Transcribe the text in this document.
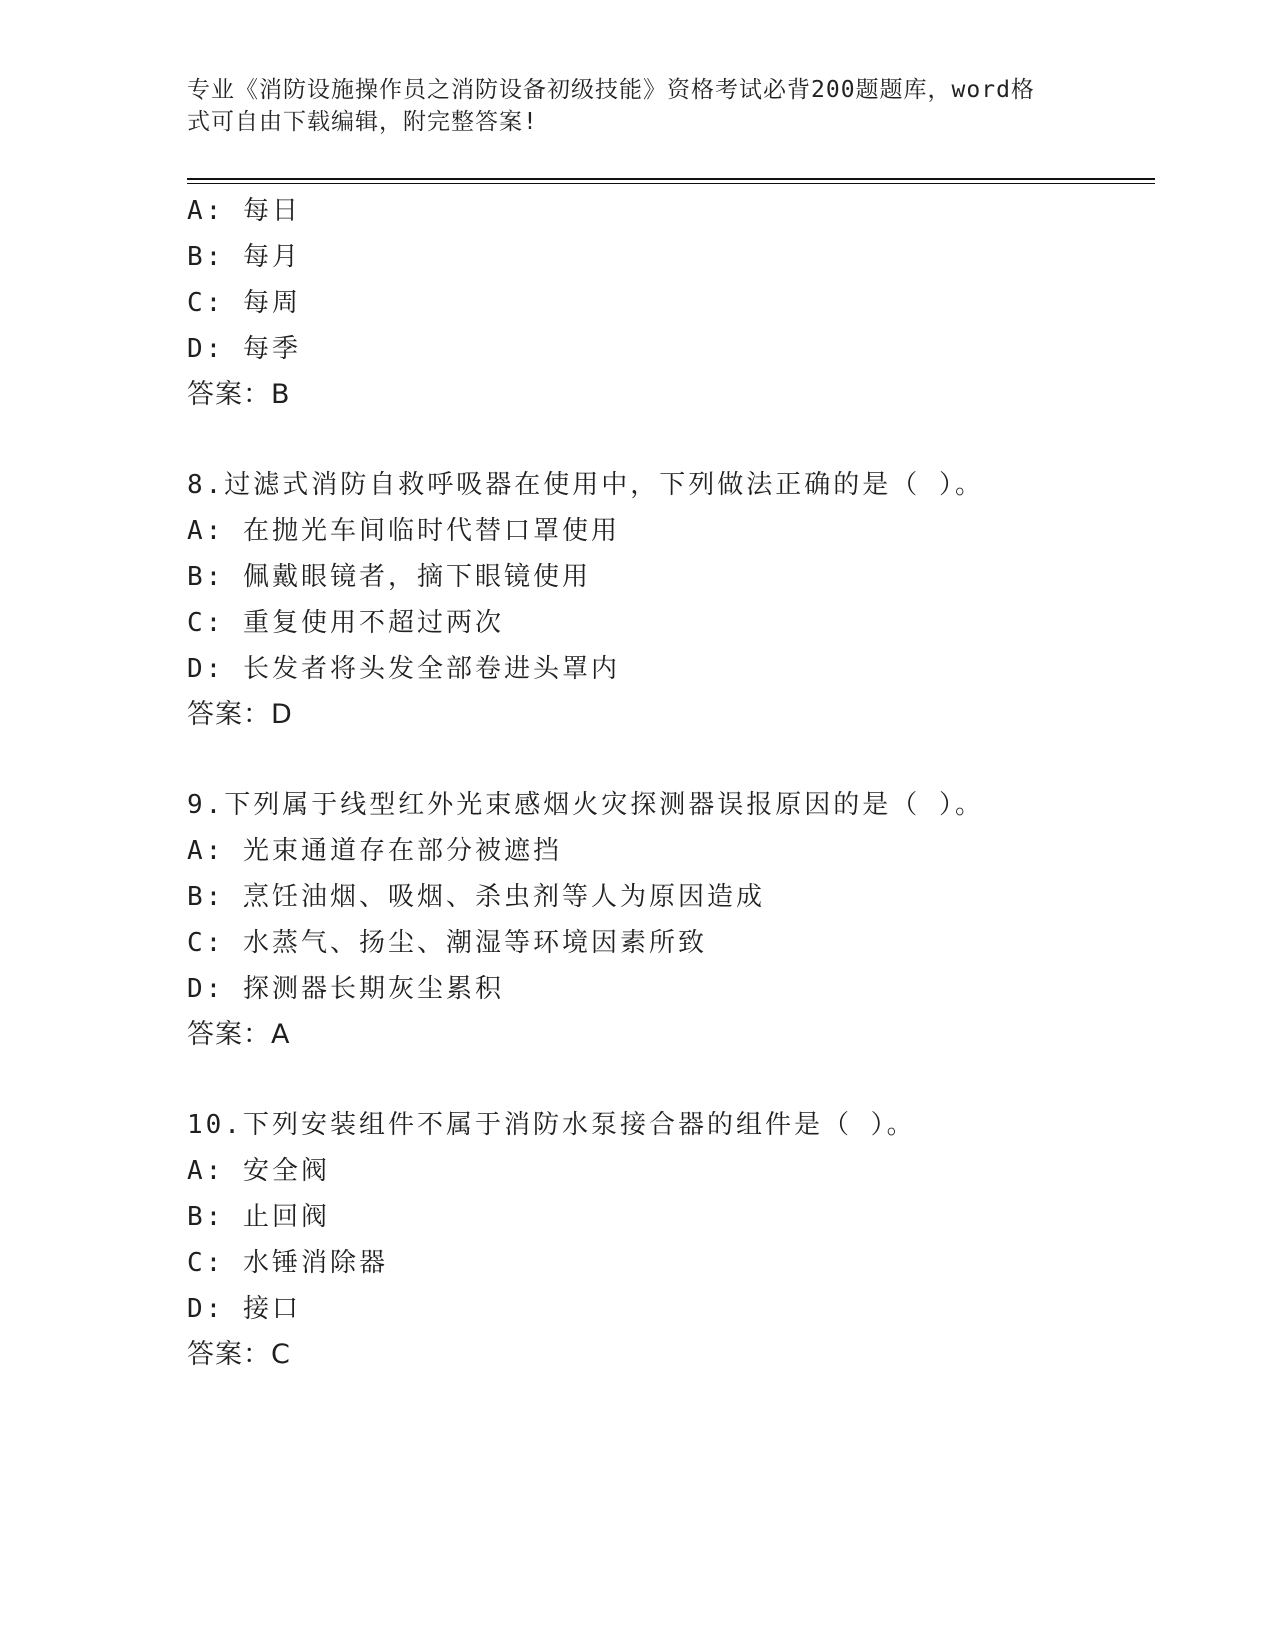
专业《消防设施操作员之消防设备初级技能》资格考试必背200题题库，word格
式可自由下载编辑，附完整答案!
A: 每日
B: 每月
C: 每周
D: 每季
答案：B
8.过滤式消防自救呼吸器在使用中，下列做法正确的是（ ）。
A: 在抛光车间临时代替口罩使用
B: 佩戴眼镜者，摘下眼镜使用
C: 重复使用不超过两次
D: 长发者将头发全部卷进头罩内
答案：D
9.下列属于线型红外光束感烟火灾探测器误报原因的是（ ）。
A: 光束通道存在部分被遮挡
B: 烹饪油烟、吸烟、杀虫剂等人为原因造成
C: 水蒸气、扬尘、潮湿等环境因素所致
D: 探测器长期灰尘累积
答案：A
10.下列安装组件不属于消防水泵接合器的组件是（ ）。
A: 安全阀
B: 止回阀
C: 水锤消除器
D: 接口
答案：C
